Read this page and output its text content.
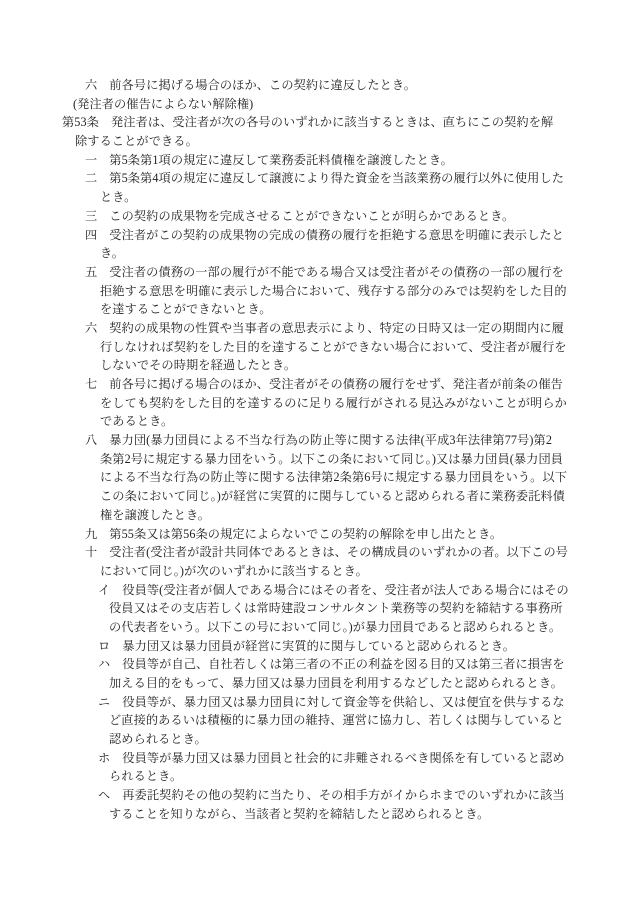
六 前各号に掲げる場合のほか、この契約に違反したとき。
(発注者の催告によらない解除権)
第53条 発注者は、受注者が次の各号のいずれかに該当するときは、直ちにこの契約を解
除することができる。
一 第5条第1項の規定に違反して業務委託料債権を譲渡したとき。
二 第5条第4項の規定に違反して譲渡により得た資金を当該業務の履行以外に使用した
とき。
三 この契約の成果物を完成させることができないことが明らかであるとき。
四 受注者がこの契約の成果物の完成の債務の履行を拒絶する意思を明確に表示したと
き。
五 受注者の債務の一部の履行が不能である場合又は受注者がその債務の一部の履行を
拒絶する意思を明確に表示した場合において、残存する部分のみでは契約をした目的
を達することができないとき。
六 契約の成果物の性質や当事者の意思表示により、特定の日時又は一定の期間内に履
行しなければ契約をした目的を達することができない場合において、受注者が履行を
しないでその時期を経過したとき。
七 前各号に掲げる場合のほか、受注者がその債務の履行をせず、発注者が前条の催告
をしても契約をした目的を達するのに足りる履行がされる見込みがないことが明らか
であるとき。
八 暴力団(暴力団員による不当な行為の防止等に関する法律(平成3年法律第77号)第2
条第2号に規定する暴力団をいう。以下この条において同じ。)又は暴力団員(暴力団員
による不当な行為の防止等に関する法律第2条第6号に規定する暴力団員をいう。以下
この条において同じ。)が経営に実質的に関与していると認められる者に業務委託料債
権を譲渡したとき。
九 第55条又は第56条の規定によらないでこの契約の解除を申し出たとき。
十 受注者(受注者が設計共同体であるときは、その構成員のいずれかの者。以下この号
において同じ。)が次のいずれかに該当するとき。
イ 役員等(受注者が個人である場合にはその者を、受注者が法人である場合にはその
役員又はその支店若しくは常時建設コンサルタント業務等の契約を締結する事務所
の代表者をいう。以下この号において同じ。)が暴力団員であると認められるとき。
ロ 暴力団又は暴力団員が経営に実質的に関与していると認められるとき。
ハ 役員等が自己、自社若しくは第三者の不正の利益を図る目的又は第三者に損害を
加える目的をもって、暴力団又は暴力団員を利用するなどしたと認められるとき。
ニ 役員等が、暴力団又は暴力団員に対して資金等を供給し、又は便宜を供与するな
ど直接的あるいは積極的に暴力団の維持、運営に協力し、若しくは関与していると
認められるとき。
ホ 役員等が暴力団又は暴力団員と社会的に非難されるべき関係を有していると認め
られるとき。
ヘ 再委託契約その他の契約に当たり、その相手方がイからホまでのいずれかに該当
することを知りながら、当該者と契約を締結したと認められるとき。
